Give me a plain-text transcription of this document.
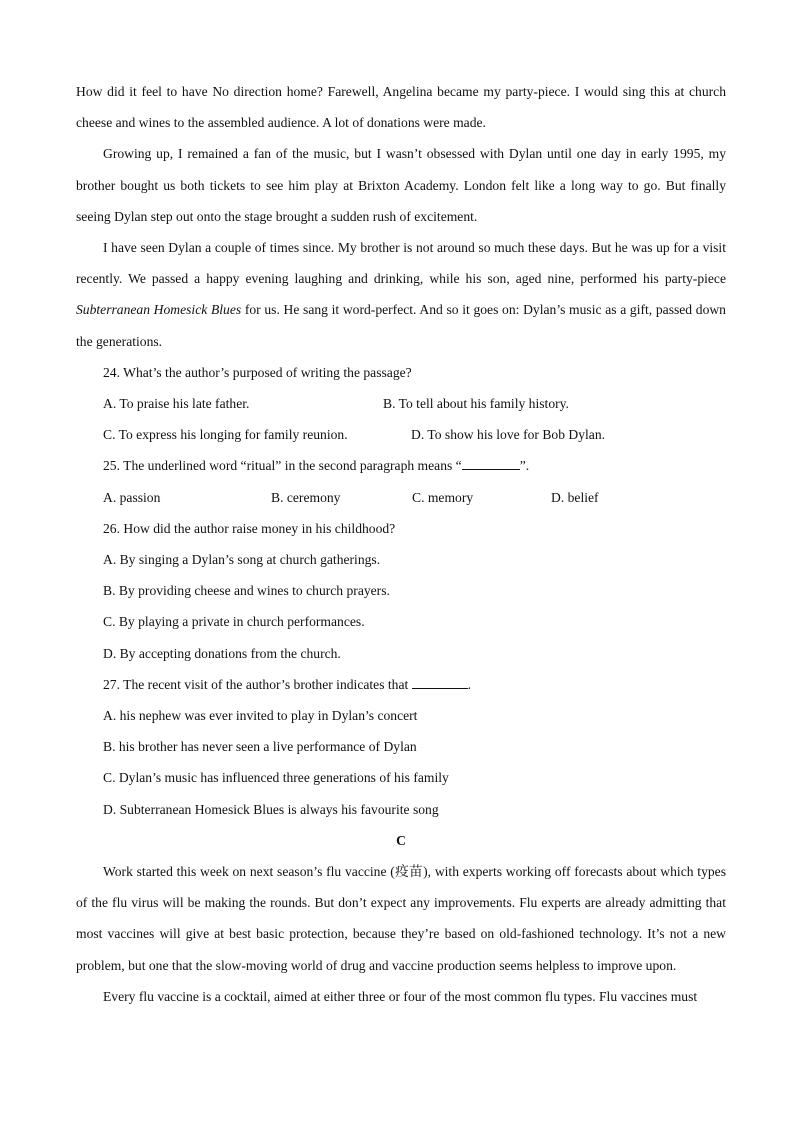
How did it feel to have No direction home? Farewell, Angelina became my party-piece. I would sing this at church cheese and wines to the assembled audience. A lot of donations were made.

Growing up, I remained a fan of the music, but I wasn’t obsessed with Dylan until one day in early 1995, my brother bought us both tickets to see him play at Brixton Academy. London felt like a long way to go. But finally seeing Dylan step out onto the stage brought a sudden rush of excitement.

I have seen Dylan a couple of times since. My brother is not around so much these days. But he was up for a visit recently. We passed a happy evening laughing and drinking, while his son, aged nine, performed his party-piece Subterranean Homesick Blues for us. He sang it word-perfect. And so it goes on: Dylan’s music as a gift, passed down the generations.

24. What’s the author’s purposed of writing the passage?

A. To praise his late father.	B. To tell about his family history.
C. To express his longing for family reunion.	D. To show his love for Bob Dylan.

25. The underlined word “ritual” in the second paragraph means “	”.

A. passion	B. ceremony	C. memory	D. belief

26. How did the author raise money in his childhood?

A. By singing a Dylan’s song at church gatherings.

B. By providing cheese and wines to church prayers.

C. By playing a private in church performances.

D. By accepting donations from the church.

27. The recent visit of the author’s brother indicates that	.

A. his nephew was ever invited to play in Dylan’s concert

B. his brother has never seen a live performance of Dylan

C. Dylan’s music has influenced three generations of his family

D. Subterranean Homesick Blues is always his favourite song

C

Work started this week on next season’s flu vaccine (疫苗), with experts working off forecasts about which types of the flu virus will be making the rounds. But don’t expect any improvements. Flu experts are already admitting that most vaccines will give at best basic protection, because they’re based on old-fashioned technology. It’s not a new problem, but one that the slow-moving world of drug and vaccine production seems helpless to improve upon.

Every flu vaccine is a cocktail, aimed at either three or four of the most common flu types. Flu vaccines must
